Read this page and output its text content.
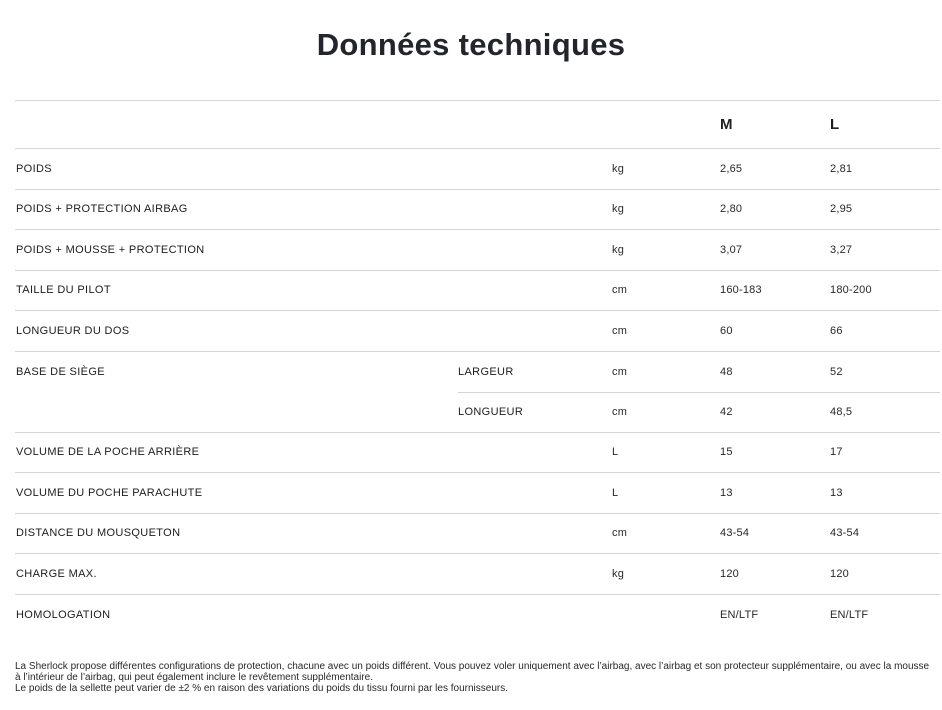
Données techniques
M	L
POIDS	kg	2,65	2,81
POIDS + PROTECTION AIRBAG	kg	2,80	2,95
POIDS + MOUSSE + PROTECTION	kg	3,07	3,27
TAILLE DU PILOT	cm	160-183	180-200
LONGUEUR DU DOS	cm	60	66
BASE DE SIÈGE	LARGEUR	cm	48	52
LONGUEUR	cm	42	48,5
VOLUME DE LA POCHE ARRIÈRE	L	15	17
VOLUME DU POCHE PARACHUTE	L	13	13
DISTANCE DU MOUSQUETON	cm	43-54	43-54
CHARGE MAX.	kg	120	120
HOMOLOGATION	EN/LTF	EN/LTF

La Sherlock propose différentes configurations de protection, chacune avec un poids différent. Vous pouvez voler uniquement avec l’airbag, avec l’airbag et son protecteur supplémentaire, ou avec la mousse à l’intérieur de l’airbag, qui peut également inclure le revêtement supplémentaire.

Le poids de la sellette peut varier de ±2 % en raison des variations du poids du tissu fourni par les fournisseurs.
